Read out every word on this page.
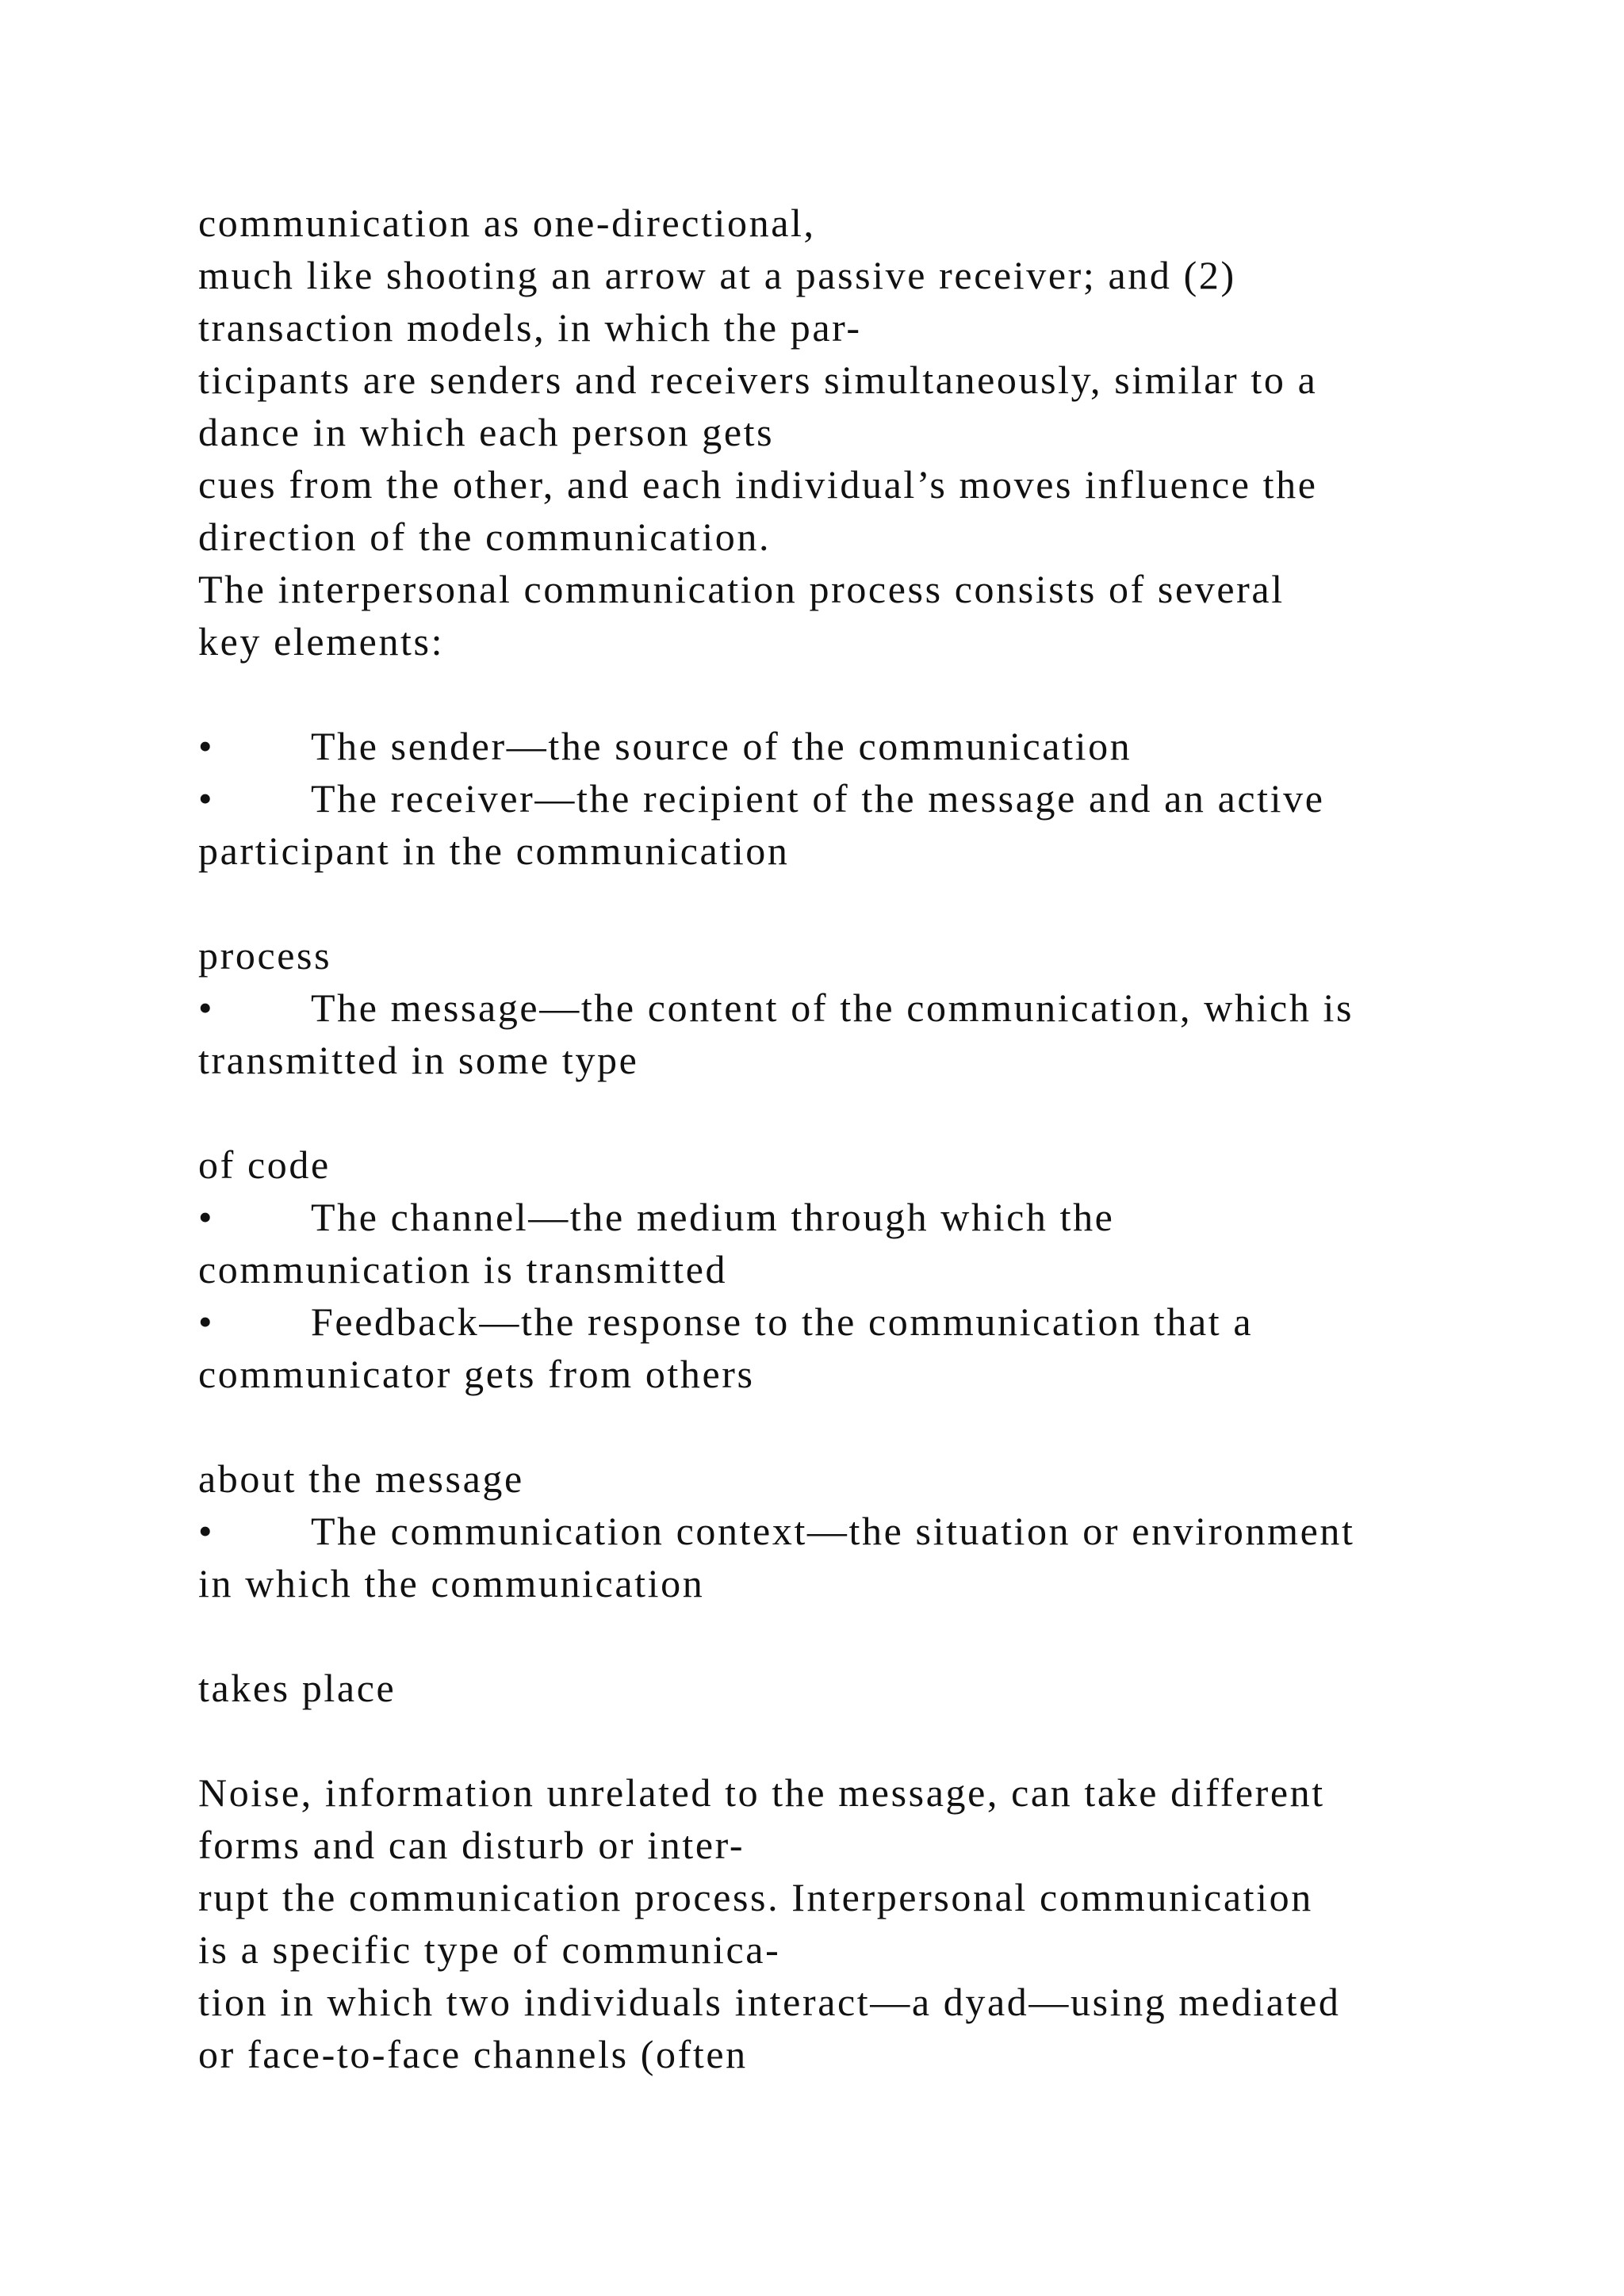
communication as one-directional,
much like shooting an arrow at a passive receiver; and (2)
transaction models, in which the par-
ticipants are senders and receivers simultaneously, similar to a
dance in which each person gets
cues from the other, and each individual’s moves influence the
direction of the communication.
The interpersonal communication process consists of several
key elements:
• The sender—the source of the communication
• The receiver—the recipient of the message and an active
participant in the communication
process
• The message—the content of the communication, which is
transmitted in some type
of code
• The channel—the medium through which the
communication is transmitted
• Feedback—the response to the communication that a
communicator gets from others
about the message
• The communication context—the situation or environment
in which the communication
takes place
Noise, information unrelated to the message, can take different
forms and can disturb or inter-
rupt the communication process. Interpersonal communication
is a specific type of communica-
tion in which two individuals interact—a dyad—using mediated
or face-to-face channels (often
